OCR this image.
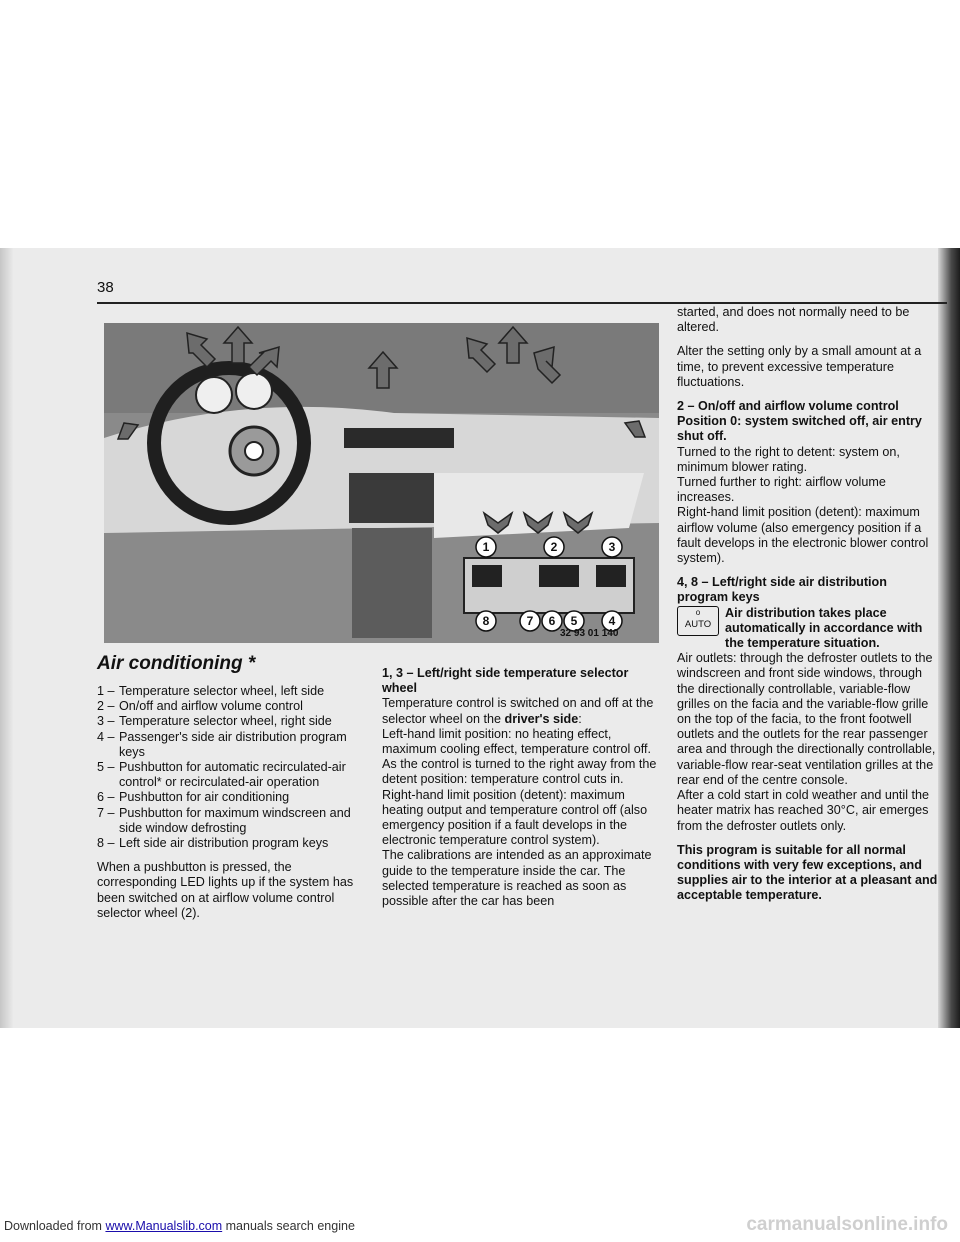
38
1	2	3
8	7 6 5	4
32 93 01 140
Air conditioning *
1 – Temperature selector wheel, left side
2 – On/off and airflow volume control
3 – Temperature selector wheel, right side
4 – Passenger's side air distribution program keys
5 – Pushbutton for automatic recirculated-air control* or recirculated-air operation
6 – Pushbutton for air conditioning
7 – Pushbutton for maximum windscreen and side window defrosting
8 – Left side air distribution program keys

When a pushbutton is pressed, the corresponding LED lights up if the system has been switched on at airflow volume control selector wheel (2).

1, 3 – Left/right side temperature selector wheel
Temperature control is switched on and off at the selector wheel on the driver's side:
Left-hand limit position: no heating effect, maximum cooling effect, temperature control off.
As the control is turned to the right away from the detent position: temperature control cuts in.
Right-hand limit position (detent): maximum heating output and temperature control off (also emergency position if a fault develops in the electronic temperature control system).
The calibrations are intended as an approximate guide to the temperature inside the car. The selected temperature is reached as soon as possible after the car has been
started, and does not normally need to be altered.

Alter the setting only by a small amount at a time, to prevent excessive temperature fluctuations.

2 – On/off and airflow volume control
Position 0: system switched off, air entry shut off.
Turned to the right to detent: system on, minimum blower rating.
Turned further to right: airflow volume increases.
Right-hand limit position (detent): maximum airflow volume (also emergency position if a fault develops in the electronic blower control system).
4, 8 – Left/right side air distribution program keys
o
AUTO
Air distribution takes place automatically in accordance with the temperature situation.
Air outlets: through the defroster outlets to the windscreen and front side windows, through the directionally controllable, variable-flow grilles on the facia and the variable-flow grille on the top of the facia, to the front footwell outlets and the outlets for the rear passenger area and through the directionally controllable, variable-flow rear-seat ventilation grilles at the rear end of the centre console.
After a cold start in cold weather and until the heater matrix has reached 30°C, air emerges from the defroster outlets only.

This program is suitable for all normal conditions with very few exceptions, and supplies air to the interior at a pleasant and acceptable temperature.

Downloaded from www.Manualslib.com manuals search engine	carmanualsonline.info
